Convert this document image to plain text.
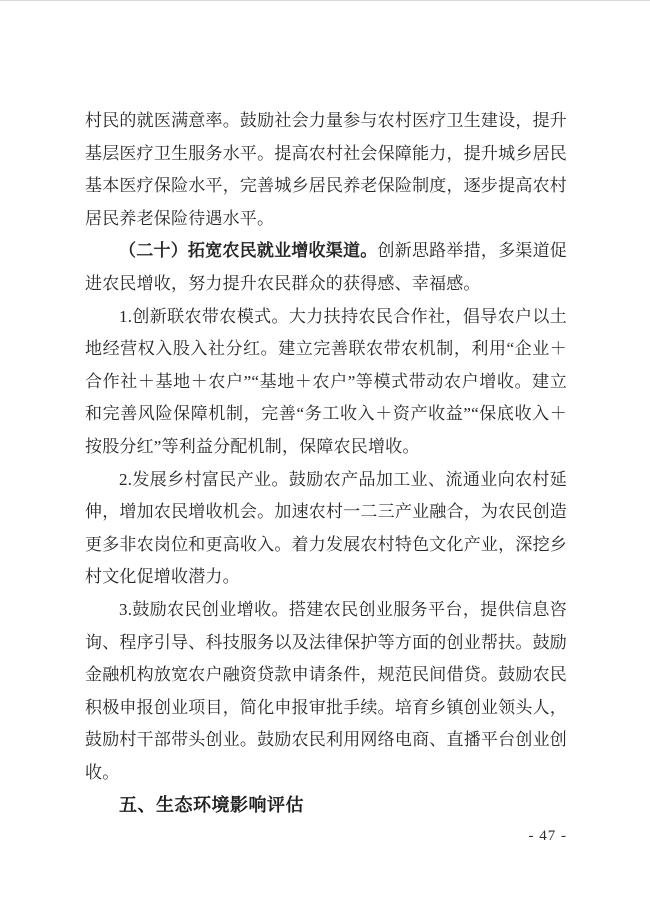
村民的就医满意率。鼓励社会力量参与农村医疗卫生建设，提升基层医疗卫生服务水平。提高农村社会保障能力，提升城乡居民基本医疗保险水平，完善城乡居民养老保险制度，逐步提高农村居民养老保险待遇水平。

（二十）拓宽农民就业增收渠道。创新思路举措，多渠道促进农民增收，努力提升农民群众的获得感、幸福感。

1.创新联农带农模式。大力扶持农民合作社，倡导农户以土地经营权入股入社分红。建立完善联农带农机制，利用“企业＋合作社＋基地＋农户”“基地＋农户”等模式带动农户增收。建立和完善风险保障机制，完善“务工收入＋资产收益”“保底收入＋按股分红”等利益分配机制，保障农民增收。

2.发展乡村富民产业。鼓励农产品加工业、流通业向农村延伸，增加农民增收机会。加速农村一二三产业融合，为农民创造更多非农岗位和更高收入。着力发展农村特色文化产业，深挖乡村文化促增收潜力。

3.鼓励农民创业增收。搭建农民创业服务平台，提供信息咨询、程序引导、科技服务以及法律保护等方面的创业帮扶。鼓励金融机构放宽农户融资贷款申请条件，规范民间借贷。鼓励农民积极申报创业项目，简化申报审批手续。培育乡镇创业领头人，鼓励村干部带头创业。鼓励农民利用网络电商、直播平台创业创收。

五、生态环境影响评估

- 47 -
